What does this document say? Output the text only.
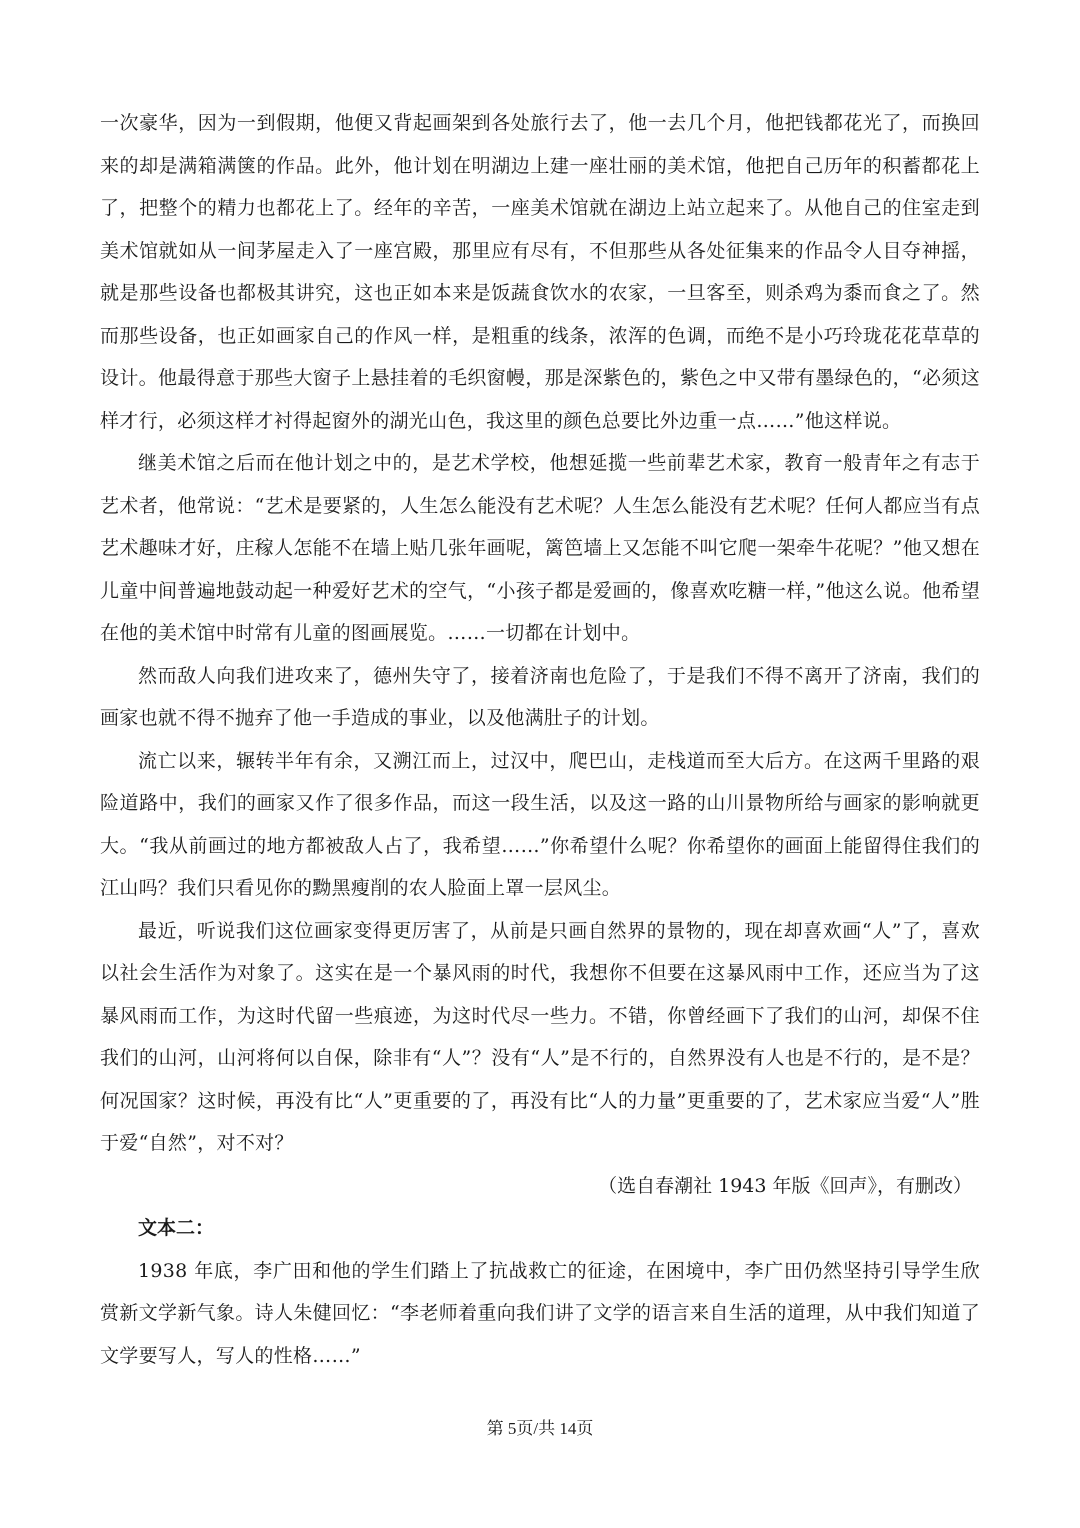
一次豪华，因为一到假期，他便又背起画架到各处旅行去了，他一去几个月，他把钱都花光了，而换回来的却是满箱满箧的作品。此外，他计划在明湖边上建一座壮丽的美术馆，他把自己历年的积蓄都花上了，把整个的精力也都花上了。经年的辛苦，一座美术馆就在湖边上站立起来了。从他自己的住室走到美术馆就如从一间茅屋走入了一座宫殿，那里应有尽有，不但那些从各处征集来的作品令人目夺神摇，就是那些设备也都极其讲究，这也正如本来是饭蔬食饮水的农家，一旦客至，则杀鸡为黍而食之了。然而那些设备，也正如画家自己的作风一样，是粗重的线条，浓浑的色调，而绝不是小巧玲珑花花草草的设计。他最得意于那些大窗子上悬挂着的毛织窗幔，那是深紫色的，紫色之中又带有墨绿色的，“必须这样才行，必须这样才衬得起窗外的湖光山色，我这里的颜色总要比外边重一点……”他这样说。

继美术馆之后而在他计划之中的，是艺术学校，他想延揽一些前辈艺术家，教育一般青年之有志于艺术者，他常说：“艺术是要紧的，人生怎么能没有艺术呢？人生怎么能没有艺术呢？任何人都应当有点艺术趣味才好，庄稼人怎能不在墙上贴几张年画呢，篱笆墙上又怎能不叫它爬一架牵牛花呢？”他又想在儿童中间普遍地鼓动起一种爱好艺术的空气，“小孩子都是爱画的，像喜欢吃糖一样，”他这么说。他希望在他的美术馆中时常有儿童的图画展览。……一切都在计划中。

然而敌人向我们进攻来了，德州失守了，接着济南也危险了，于是我们不得不离开了济南，我们的画家也就不得不抛弃了他一手造成的事业，以及他满肚子的计划。

流亡以来，辗转半年有余，又溯江而上，过汉中，爬巴山，走栈道而至大后方。在这两千里路的艰险道路中，我们的画家又作了很多作品，而这一段生活，以及这一路的山川景物所给与画家的影响就更大。“我从前画过的地方都被敌人占了，我希望……”你希望什么呢？你希望你的画面上能留得住我们的江山吗？我们只看见你的黝黑瘦削的农人脸面上罩一层风尘。

最近，听说我们这位画家变得更厉害了，从前是只画自然界的景物的，现在却喜欢画“人”了，喜欢以社会生活作为对象了。这实在是一个暴风雨的时代，我想你不但要在这暴风雨中工作，还应当为了这暴风雨而工作，为这时代留一些痕迹，为这时代尽一些力。不错，你曾经画下了我们的山河，却保不住我们的山河，山河将何以自保，除非有“人”？没有“人”是不行的，自然界没有人也是不行的，是不是？何况国家？这时候，再没有比“人”更重要的了，再没有比“人的力量”更重要的了，艺术家应当爱“人”胜于爱“自然”，对不对？

（选自春潮社 1943 年版《回声》，有删改）

文本二：

1938 年底，李广田和他的学生们踏上了抗战救亡的征途，在困境中，李广田仍然坚持引导学生欣赏新文学新气象。诗人朱健回忆：“李老师着重向我们讲了文学的语言来自生活的道理，从中我们知道了文学要写人，写人的性格……”

第 5页/共 14页
